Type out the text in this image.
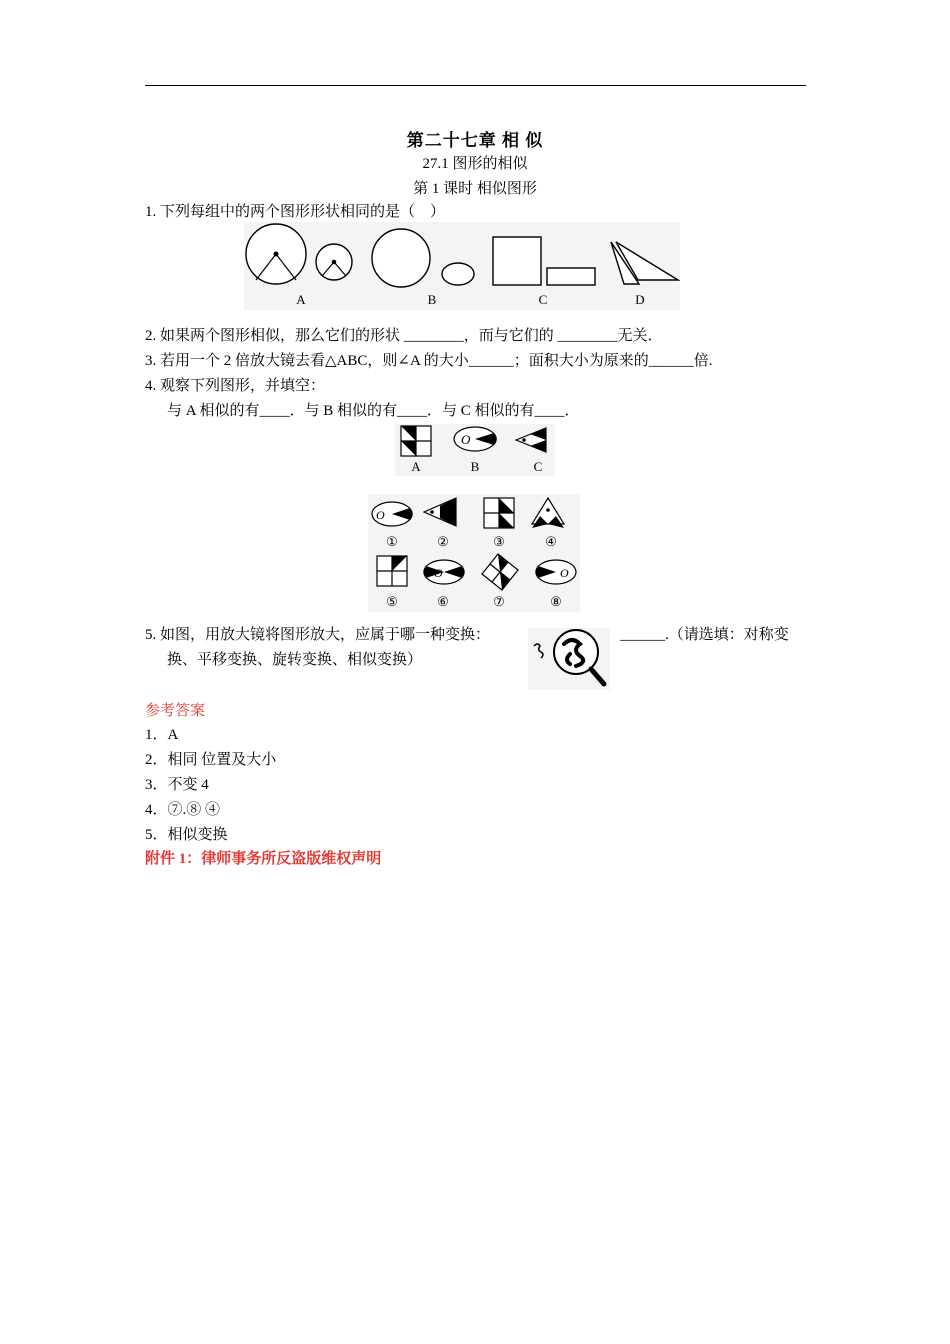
第二十七章 相 似
27.1 图形的相似
第 1 课时 相似图形
1. 下列每组中的两个图形形状相同的是（　）
A	B	C	D
2. 如果两个图形相似，那么它们的形状 ________，而与它们的 ________无关．
3. 若用一个 2 倍放大镜去看△ABC，则∠A 的大小______；面积大小为原来的______倍.
4. 观察下列图形，并填空：
与 A 相似的有____．与 B 相似的有____．与 C 相似的有____．
O
A	B	C
O
O	O
①	②	③	④
⑤	⑥	⑦	⑧
5. 如图，用放大镜将图形放大，应属于哪一种变换：	______.（请选填：对称变
换、平移变换、旋转变换、相似变换）
参考答案
1．A
2．相同 位置及大小
3．不变 4
4．⑦.⑧ ④
5．相似变换
附件 1：律师事务所反盗版维权声明
